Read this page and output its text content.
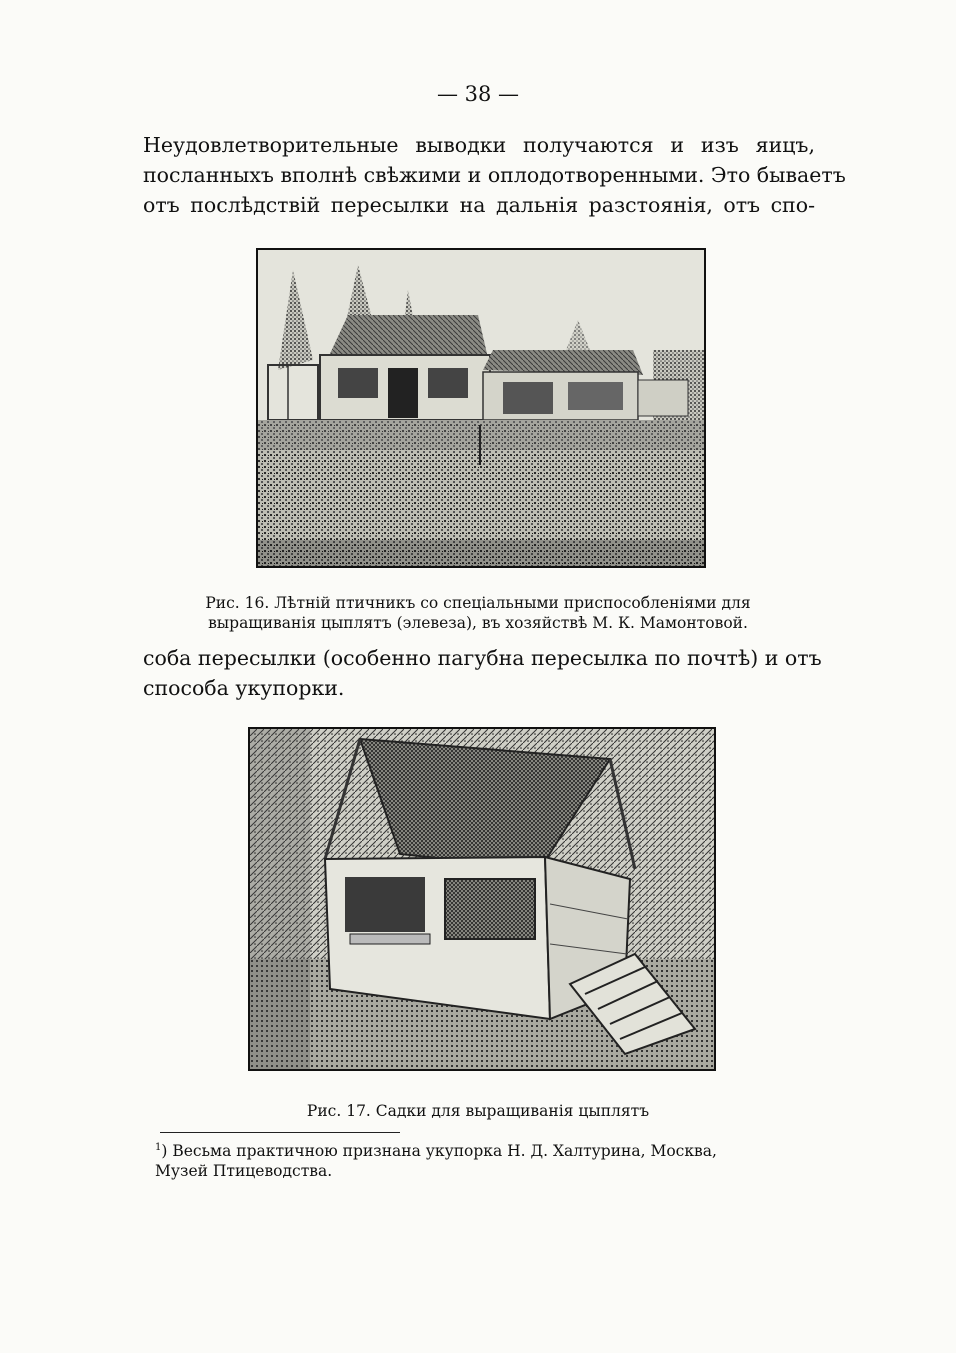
— 38 —
Неудовлетворительные выводки получаются и изъ яицъ,
посланныхъ вполнѣ свѣжими и оплодотворенными. Это бываетъ
отъ послѣдствій пересылки на дальнія разстоянія, отъ спо-
Рис. 16. Лѣтній птичникъ со спеціальными приспособленіями для
выращиванія цыплятъ (элевеза), въ хозяйствѣ М. К. Мамонтовой.
соба пересылки (особенно пагубна пересылка по почтѣ) и отъ
способа укупорки.
Рис. 17. Садки для выращиванія цыплятъ
$^1$) Весьма практичною признана укупорка Н. Д. Халтурина, Москва,
Музей Птицеводства.
